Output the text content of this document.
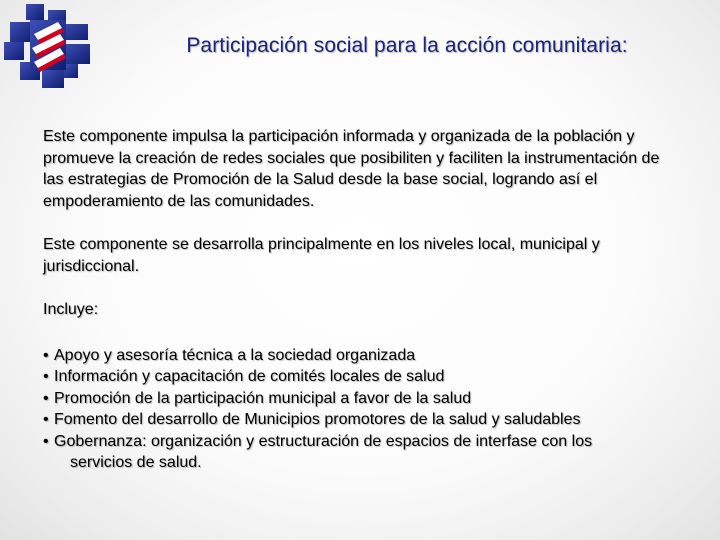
Participación social para la acción comunitaria:

Este componente impulsa la participación informada y organizada de la población y promueve la creación de redes sociales que posibiliten y faciliten la instrumentación de las estrategias de Promoción de la Salud desde la base social, logrando así el empoderamiento de las comunidades.

Este componente se desarrolla principalmente en los niveles local, municipal y jurisdiccional.

Incluye:

• Apoyo y asesoría técnica a la sociedad organizada
• Información y capacitación de comités locales de salud
• Promoción de la participación municipal a favor de la salud
• Fomento del desarrollo de Municipios promotores de la salud y saludables
• Gobernanza: organización y estructuración de espacios de interfase con los
servicios de salud.
